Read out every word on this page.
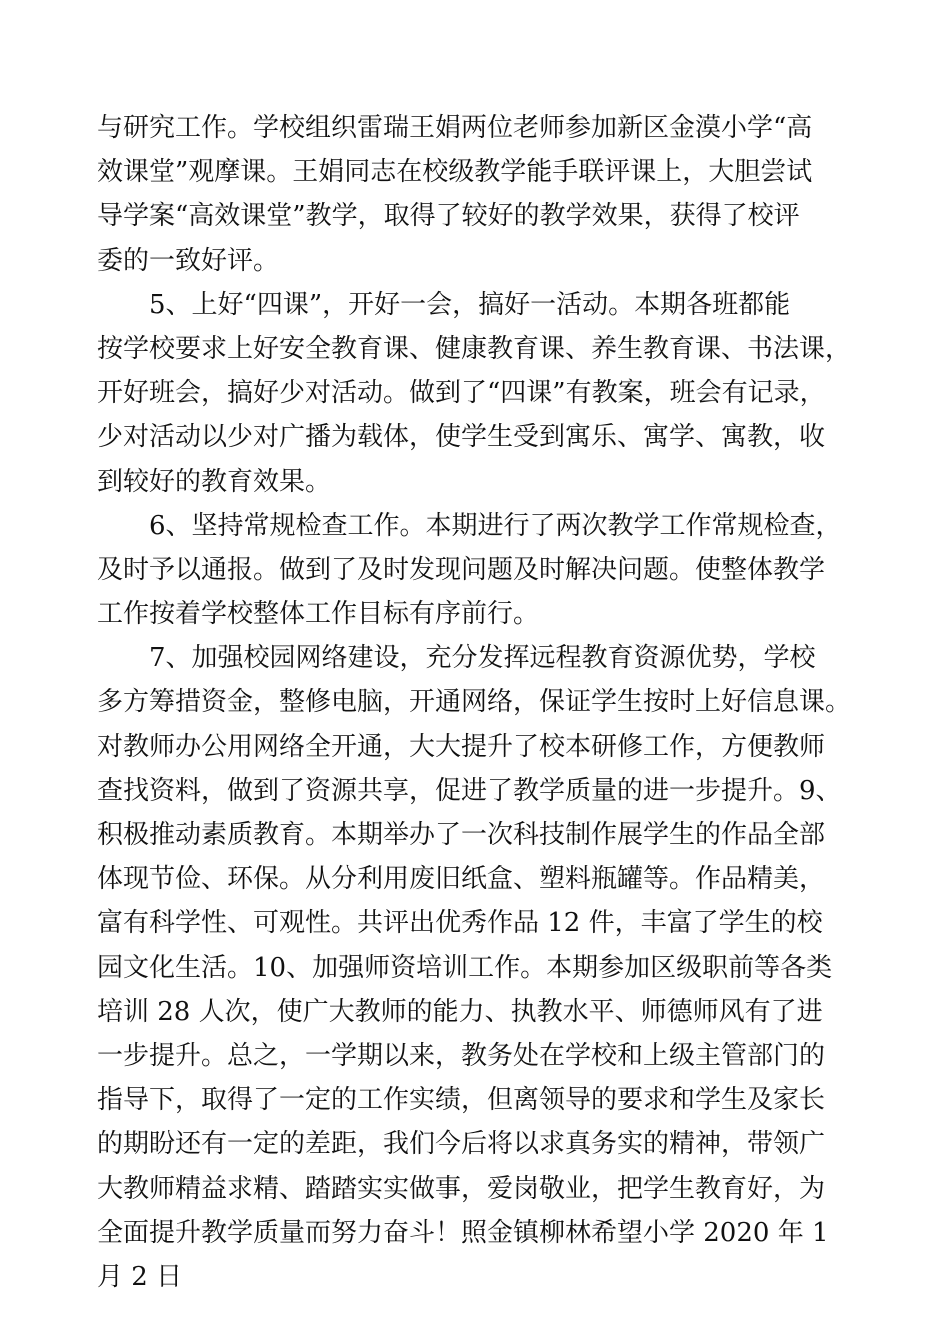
与研究工作。学校组织雷瑞王娟两位老师参加新区金漠小学“高
效课堂”观摩课。王娟同志在校级教学能手联评课上，大胆尝试
导学案“高效课堂”教学，取得了较好的教学效果，获得了校评
委的一致好评。
5、上好“四课”，开好一会，搞好一活动。本期各班都能
按学校要求上好安全教育课、健康教育课、养生教育课、书法课，
开好班会，搞好少对活动。做到了“四课”有教案，班会有记录，
少对活动以少对广播为载体，使学生受到寓乐、寓学、寓教，收
到较好的教育效果。
6、坚持常规检查工作。本期进行了两次教学工作常规检查，
及时予以通报。做到了及时发现问题及时解决问题。使整体教学
工作按着学校整体工作目标有序前行。
7、加强校园网络建设，充分发挥远程教育资源优势，学校
多方筹措资金，整修电脑，开通网络，保证学生按时上好信息课。
对教师办公用网络全开通，大大提升了校本研修工作，方便教师
查找资料，做到了资源共享，促进了教学质量的进一步提升。9、
积极推动素质教育。本期举办了一次科技制作展学生的作品全部
体现节俭、环保。从分利用废旧纸盒、塑料瓶罐等。作品精美，
富有科学性、可观性。共评出优秀作品 12 件，丰富了学生的校
园文化生活。10、加强师资培训工作。本期参加区级职前等各类
培训 28 人次，使广大教师的能力、执教水平、师德师风有了进
一步提升。总之，一学期以来，教务处在学校和上级主管部门的
指导下，取得了一定的工作实绩，但离领导的要求和学生及家长
的期盼还有一定的差距，我们今后将以求真务实的精神，带领广
大教师精益求精、踏踏实实做事，爱岗敬业，把学生教育好，为
全面提升教学质量而努力奋斗！照金镇柳林希望小学 2020 年 1
月 2 日
